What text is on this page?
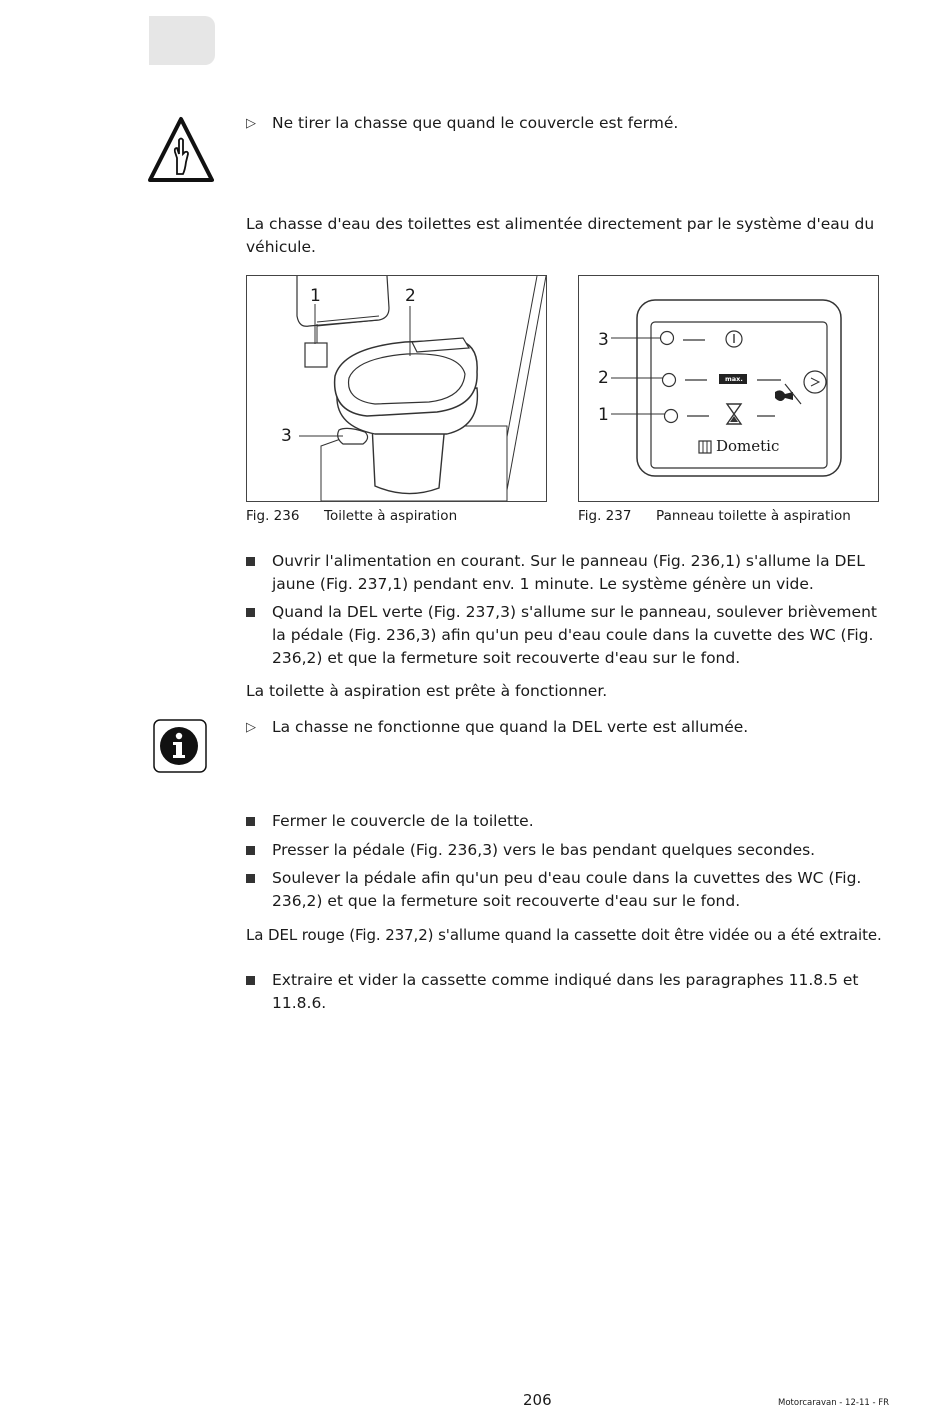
▷	Ne tirer la chasse que quand le couvercle est fermé.
La chasse d'eau des toilettes est alimentée directement par le système d'eau du véhicule.
1	2
3
Fig. 236 Toilette à aspiration
3
2
1
max.
Dometic
Fig. 237 Panneau toilette à aspiration
Ouvrir l'alimentation en courant. Sur le panneau (Fig. 236,1) s'allume la DEL jaune (Fig. 237,1) pendant env. 1 minute. Le système génère un vide.
Quand la DEL verte (Fig. 237,3) s'allume sur le panneau, soulever brièvement la pédale (Fig. 236,3) afin qu'un peu d'eau coule dans la cuvette des WC (Fig. 236,2) et que la fermeture soit recouverte d'eau sur le fond.
La toilette à aspiration est prête à fonctionner.
▷	La chasse ne fonctionne que quand la DEL verte est allumée.
Fermer le couvercle de la toilette.
Presser la pédale (Fig. 236,3) vers le bas pendant quelques secondes.
Soulever la pédale afin qu'un peu d'eau coule dans la cuvettes des WC (Fig. 236,2) et que la fermeture soit recouverte d'eau sur le fond.
La DEL rouge (Fig. 237,2) s'allume quand la cassette doit être vidée ou a été extraite.
Extraire et vider la cassette comme indiqué dans les paragraphes 11.8.5 et 11.8.6.
206	Motorcaravan - 12-11 - FR
